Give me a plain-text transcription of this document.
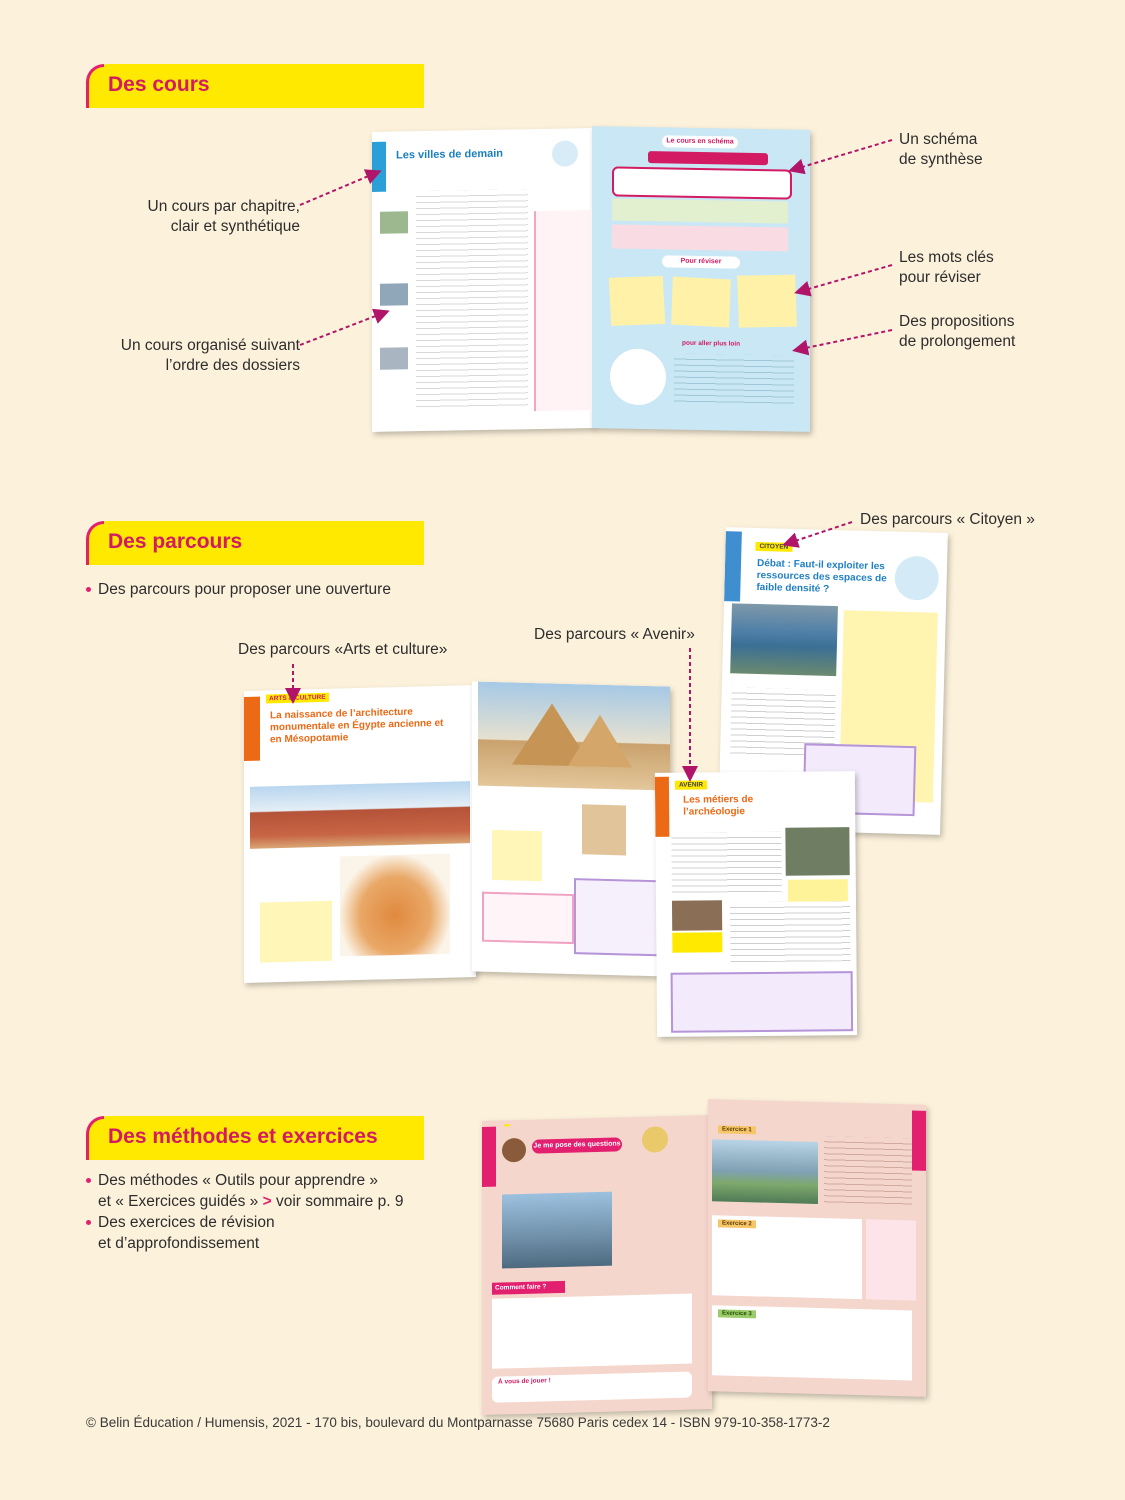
Des cours
Des parcours
Des méthodes et exercices
Un cours par chapitre,
clair et synthétique
Un cours organisé suivant
l’ordre des dossiers
Un schéma
de synthèse
Les mots clés
pour réviser
Des propositions
de prolongement
Les villes de demain
Le cours en schéma
Pour réviser
pour aller plus loin
Des parcours pour proposer une ouverture
Des parcours « Citoyen »
Des parcours «Arts et culture»
Des parcours « Avenir»
ARTS & CULTURE
La naissance de l’architecture monumentale en Égypte ancienne et en Mésopotamie
CITOYEN
Débat : Faut-il exploiter les ressources des espaces de faible densité ?
AVENIR
Les métiers de l’archéologie
Des méthodes « Outils pour apprendre »
et « Exercices guidés » > voir sommaire p. 9
Des exercices de révision
et d’approfondissement
Je me pose des questions
Comment faire ?
À vous de jouer !
Exercice 1
Exercice 2
Exercice 3
© Belin Éducation / Humensis, 2021 - 170 bis, boulevard du Montparnasse 75680 Paris cedex 14 - ISBN 979-10-358-1773-2
